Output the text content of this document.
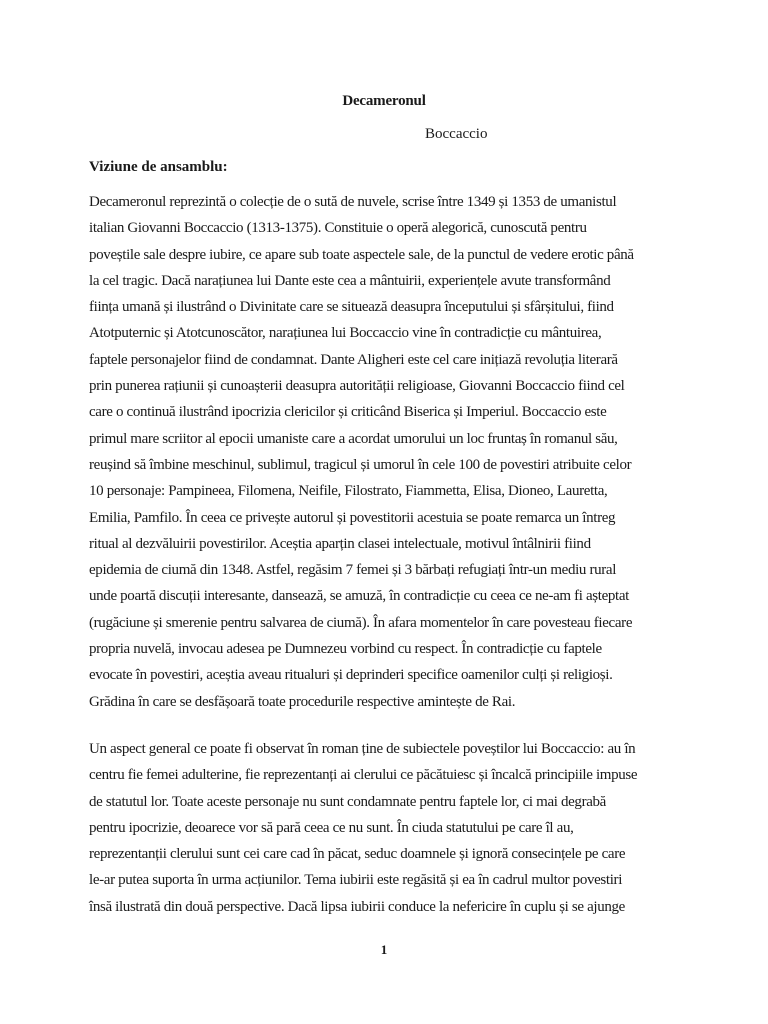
Decameronul

Boccaccio

Viziune de ansamblu:
Decameronul reprezintă o colecție de o sută de nuvele, scrise între 1349 și 1353 de umanistul
italian Giovanni Boccaccio (1313-1375). Constituie o operă alegorică, cunoscută pentru
poveștile sale despre iubire, ce apare sub toate aspectele sale, de la punctul de vedere erotic până
la cel tragic. Dacă narațiunea lui Dante este cea a mântuirii, experiențele avute transformând
ființa umană și ilustrând o Divinitate care se situează deasupra începutului și sfârșitului, fiind
Atotputernic și Atotcunoscător, narațiunea lui Boccaccio vine în contradicție cu mântuirea,
faptele personajelor fiind de condamnat. Dante Aligheri este cel care inițiază revoluția literară
prin punerea rațiunii și cunoașterii deasupra autorității religioase, Giovanni Boccaccio fiind cel
care o continuă ilustrând ipocrizia clericilor și criticând Biserica și Imperiul. Boccaccio este
primul mare scriitor al epocii umaniste care a acordat umorului un loc fruntaș în romanul său,
reușind să îmbine meschinul, sublimul, tragicul și umorul în cele 100 de povestiri atribuite celor
10 personaje: Pampineea, Filomena, Neifile, Filostrato, Fiammetta, Elisa, Dioneo, Lauretta,
Emilia, Pamfilo. În ceea ce privește autorul și povestitorii acestuia se poate remarca un întreg
ritual al dezvăluirii povestirilor. Aceștia aparțin clasei intelectuale, motivul întâlnirii fiind
epidemia de ciumă din 1348. Astfel, regăsim 7 femei și 3 bărbați refugiați într-un mediu rural
unde poartă discuții interesante, dansează, se amuză, în contradicție cu ceea ce ne-am fi așteptat
(rugăciune și smerenie pentru salvarea de ciumă). În afara momentelor în care povesteau fiecare
propria nuvelă, invocau adesea pe Dumnezeu vorbind cu respect. În contradicție cu faptele
evocate în povestiri, aceștia aveau ritualuri și deprinderi specifice oamenilor culți și religioși.
Grădina în care se desfășoară toate procedurile respective amintește de Rai.
Un aspect general ce poate fi observat în roman ține de subiectele poveștilor lui Boccaccio: au în
centru fie femei adulterine, fie reprezentanți ai clerului ce păcătuiesc și încalcă principiile impuse
de statutul lor. Toate aceste personaje nu sunt condamnate pentru faptele lor, ci mai degrabă
pentru ipocrizie, deoarece vor să pară ceea ce nu sunt. În ciuda statutului pe care îl au,
reprezentanții clerului sunt cei care cad în păcat, seduc doamnele și ignoră consecințele pe care
le-ar putea suporta în urma acțiunilor. Tema iubirii este regăsită și ea în cadrul multor povestiri
însă ilustrată din două perspective. Dacă lipsa iubirii conduce la nefericire în cuplu și se ajunge

1
